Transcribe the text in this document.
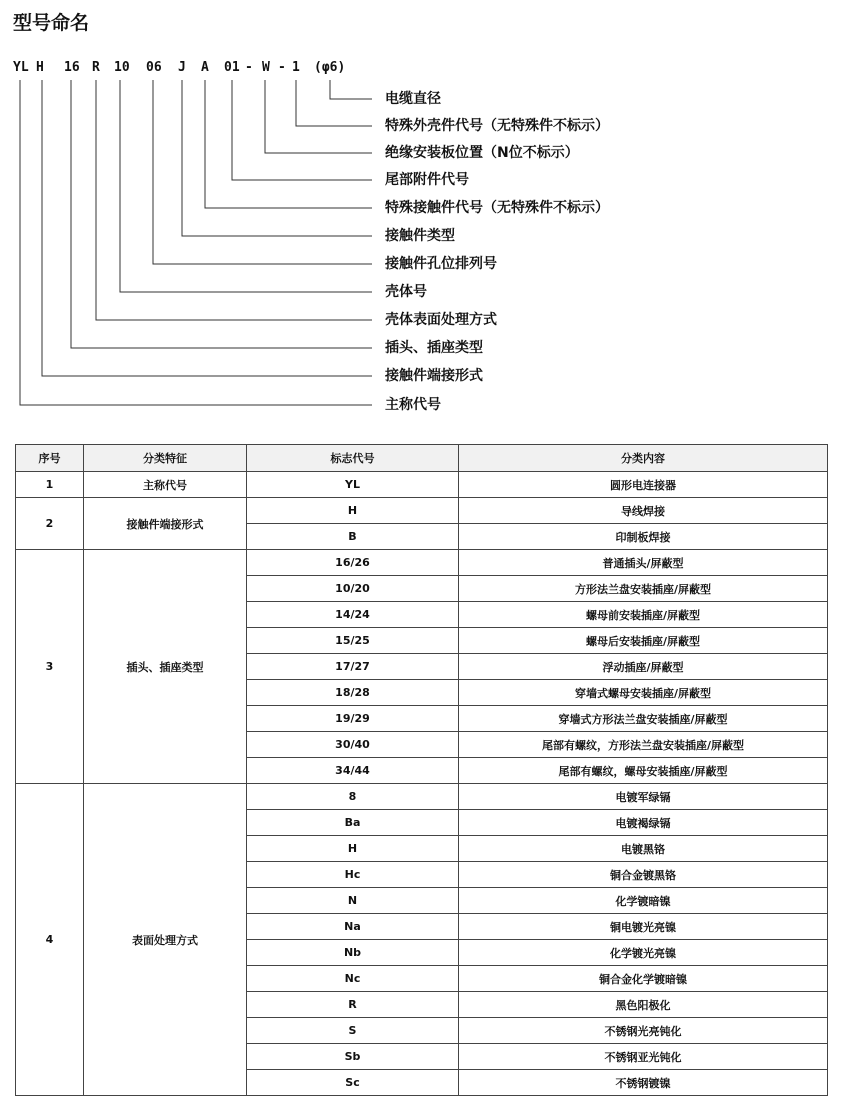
型号命名
YL H 16 R 10 06 J A 01 - W - 1 (φ6)
电缆直径
特殊外壳件代号（无特殊件不标示）
绝缘安装板位置（N位不标示）
尾部附件代号
特殊接触件代号（无特殊件不标示）
接触件类型
接触件孔位排列号
壳体号
壳体表面处理方式
插头、插座类型
接触件端接形式
主称代号
序号	分类特征	标志代号	分类内容
1	主称代号	YL	圆形电连接器
2	接触件端接形式	H	导线焊接
		B	印制板焊接
3	插头、插座类型	16/26	普通插头/屏蔽型
		10/20	方形法兰盘安装插座/屏蔽型
		14/24	螺母前安装插座/屏蔽型
		15/25	螺母后安装插座/屏蔽型
		17/27	浮动插座/屏蔽型
		18/28	穿墙式螺母安装插座/屏蔽型
		19/29	穿墙式方形法兰盘安装插座/屏蔽型
		30/40	尾部有螺纹，方形法兰盘安装插座/屏蔽型
		34/44	尾部有螺纹，螺母安装插座/屏蔽型
4	表面处理方式	8	电镀军绿镉
		Ba	电镀褐绿镉
		H	电镀黑铬
		Hc	铜合金镀黑铬
		N	化学镀暗镍
		Na	铜电镀光亮镍
		Nb	化学镀光亮镍
		Nc	铜合金化学镀暗镍
		R	黑色阳极化
		S	不锈钢光亮钝化
		Sb	不锈钢亚光钝化
		Sc	不锈钢镀镍
